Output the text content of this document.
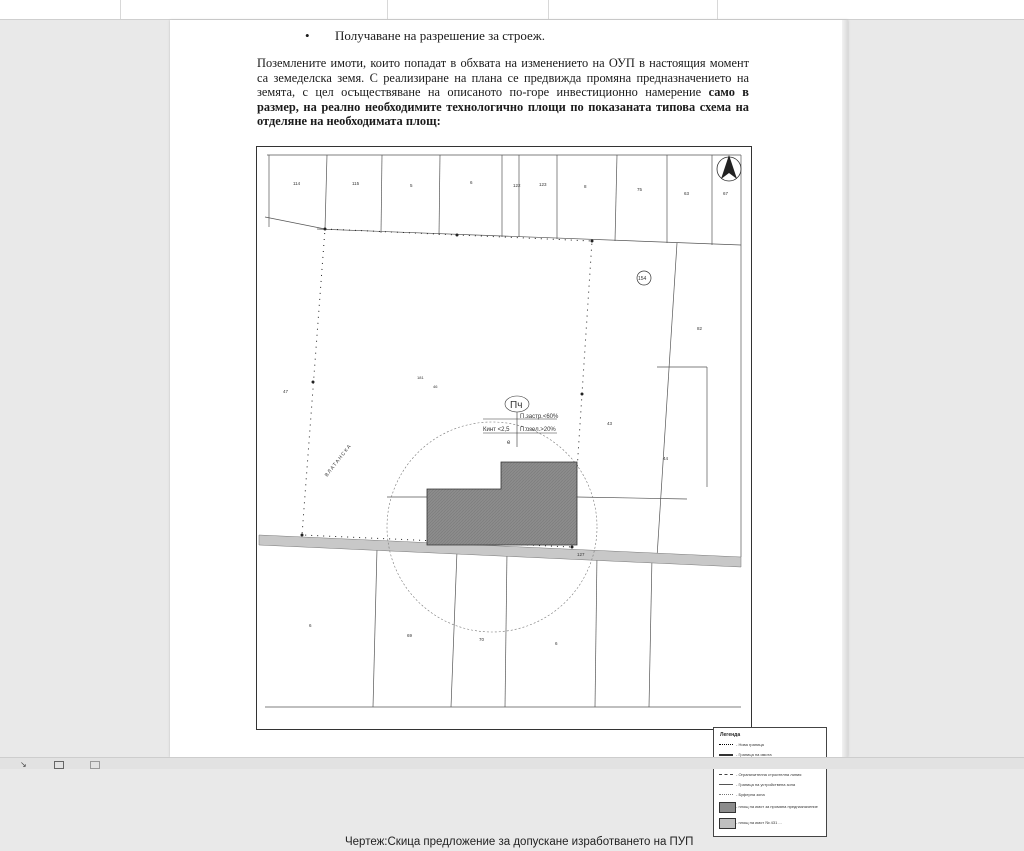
• Получаване на разрешение за строеж.
Поземлените имоти, които попадат в обхвата на изменението на ОУП в настоящия момент са земеделска земя. С реализиране на плана се предвижда промяна предназначението на земята, с цел осъществяване на описаното по-горе инвестиционно намерение само в размер, на реално необходимите технологично площи по показаната типова схема на отделяне на необходимата площ:
Пч
П.застр.<60%
Кинт <2,5 П.озел.>20%
е
ВЛАТАНСКА
181
46
114	115	5
6
122	123	8
75
63	67
154
82
47
43
44
6
69
70
6
127
Легенда
- Нова граница
- Граница на имота
- Ограничителна строителна линия
- Граница на устройствена зона
- Буферна зона
- площ на имот за промяна предназначение
- площ на имот № 431 ...
Чертеж:Скица предложение за допускане изработването на ПУП
↘
